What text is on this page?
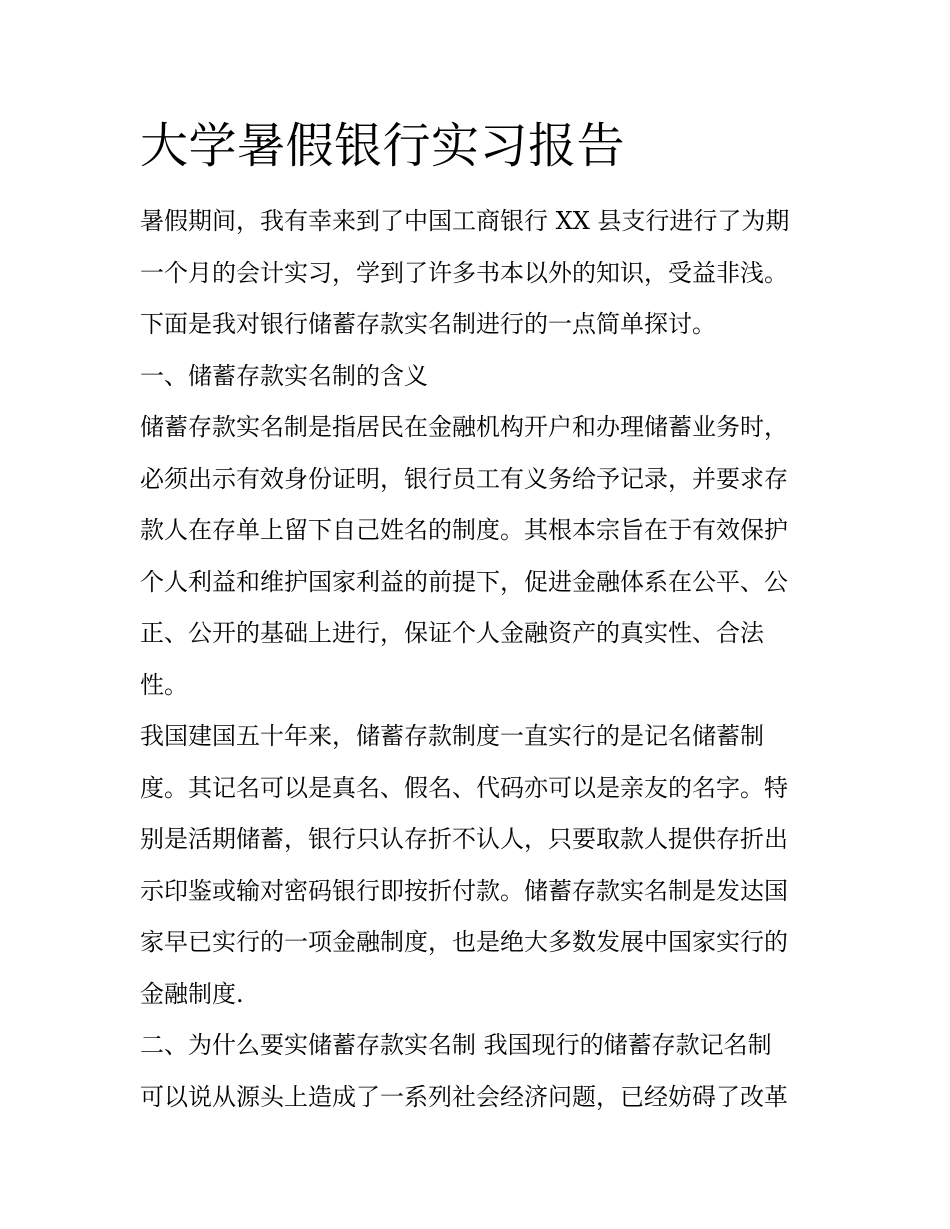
大学暑假银行实习报告
暑假期间，我有幸来到了中国工商银行 XX 县支行进行了为期
一个月的会计实习，学到了许多书本以外的知识，受益非浅。
下面是我对银行储蓄存款实名制进行的一点简单探讨。
一、储蓄存款实名制的含义
储蓄存款实名制是指居民在金融机构开户和办理储蓄业务时，
必须出示有效身份证明，银行员工有义务给予记录，并要求存
款人在存单上留下自己姓名的制度。其根本宗旨在于有效保护
个人利益和维护国家利益的前提下，促进金融体系在公平、公
正、公开的基础上进行，保证个人金融资产的真实性、合法
性。
我国建国五十年来，储蓄存款制度一直实行的是记名储蓄制
度。其记名可以是真名、假名、代码亦可以是亲友的名字。特
别是活期储蓄，银行只认存折不认人，只要取款人提供存折出
示印鉴或输对密码银行即按折付款。储蓄存款实名制是发达国
家早已实行的一项金融制度，也是绝大多数发展中国家实行的
金融制度.
二、为什么要实储蓄存款实名制 我国现行的储蓄存款记名制
可以说从源头上造成了一系列社会经济问题，已经妨碍了改革
